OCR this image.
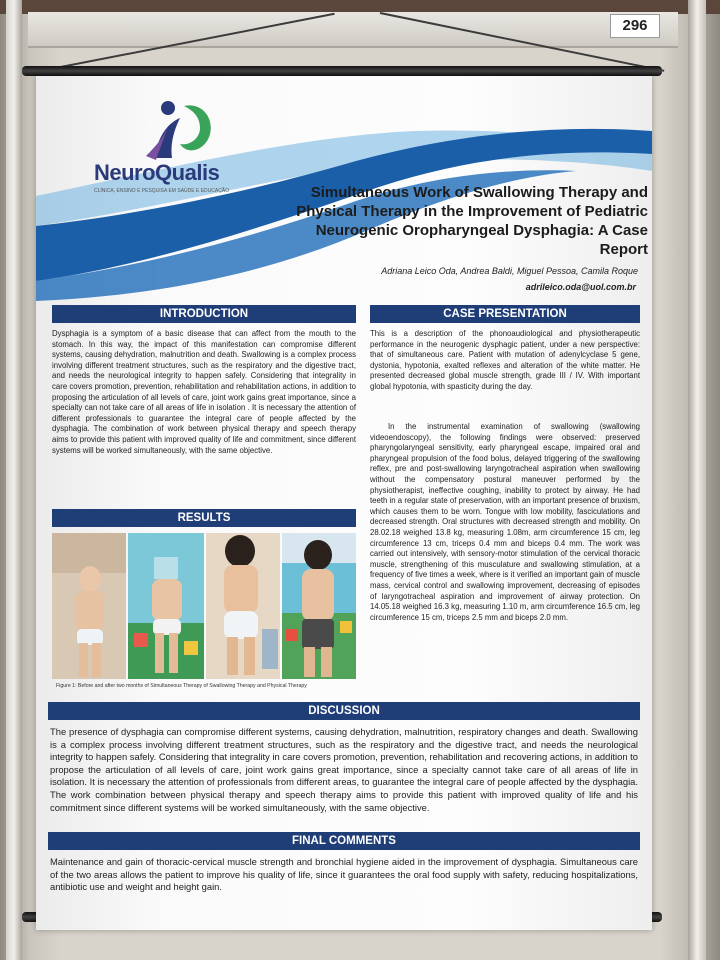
296
NeuroQualis
CLÍNICA, ENSINO E PESQUISA EM SAÚDE E EDUCAÇÃO	Simultaneous Work of Swallowing Therapy and Physical Therapy in the Improvement of Pediatric Neurogenic Oropharyngeal Dysphagia: A Case Report
Adriana Leico Oda, Andrea Baldi, Miguel Pessoa, Camila Roque
adrileico.oda@uol.com.br
INTRODUCTION
Dysphagia is a symptom of a basic disease that can affect from the mouth to the stomach. In this way, the impact of this manifestation can compromise different systems, causing dehydration, malnutrition and death. Swallowing is a complex process involving different treatment structures, such as the respiratory and the digestive tract, and needs the neurological integrity to happen safely. Considering that integrality in care covers promotion, prevention, rehabilitation and rehabilitation actions, in addition to proposing the articulation of all levels of care, joint work gains great importance, since a specialty can not take care of all areas of life in isolation . It is necessary the attention of different professionals to guarantee the integral care of people affected by the dysphagia. The combination of work between physical therapy and speech therapy aims to provide this patient with improved quality of life and commitment, since different systems will be worked simultaneously, with the same objective.
RESULTS
Figure 1: Before and after two months of Simultaneous Therapy of Swallowing Therapy and Physical Therapy
CASE PRESENTATION
This is a description of the phonoaudiological and physiotherapeutic performance in the neurogenic dysphagic patient, under a new perspective: that of simultaneous care. Patient with mutation of adenylcyclase 5 gene, dystonia, hypotonia, exalted reflexes and alteration of the white matter. He presented decreased global muscle strength, grade III / IV. With important global hypotonia, with spasticity during the day.
In the instrumental examination of swallowing (swallowing videoendoscopy), the following findings were observed: preserved pharyngolaryngeal sensitivity, early pharyngeal escape, impaired oral and pharyngeal propulsion of the food bolus, delayed triggering of the swallowing reflex, pre and post-swallowing laryngotracheal aspiration when swallowing without the compensatory postural maneuver performed by the physiotherapist, ineffective coughing, inability to protect by airway. He had teeth in a regular state of preservation, with an important presence of bruxism, which causes them to be worn. Tongue with low mobility, fasciculations and decreased strength. Oral structures with decreased strength and mobility. On 28.02.18 weighed 13.8 kg, measuring 1.08m, arm circumference 15 cm, leg circumference 13 cm, triceps 0.4 mm and biceps 0.4 mm. The work was carried out intensively, with sensory-motor stimulation of the cervical thoracic muscle, strengthening of this musculature and swallowing stimulation, at a frequency of five times a week, where is it verified an important gain of muscle mass, cervical control and swallowing improvement, decreasing of episodes of laryngotracheal aspiration and improvement of airway protection. On 14.05.18 weighed 16.3 kg, measuring 1.10 m, arm circumference 16.5 cm, leg circumference 15 cm, triceps 2.5 mm and biceps 2.0 mm.
DISCUSSION
The presence of dysphagia can compromise different systems, causing dehydration, malnutrition, respiratory changes and death. Swallowing is a complex process involving different treatment structures, such as the respiratory and the digestive tract, and needs the neurological integrity to happen safely. Considering that integrality in care covers promotion, prevention, rehabilitation and recovering actions, in addition to propose the articulation of all levels of care, joint work gains great importance, since a specialty cannot take care of all areas of life in isolation. It is necessary the attention of professionals from different areas, to guarantee the integral care of people affected by the dysphagia. The work combination between physical therapy and speech therapy aims to provide this patient with improved quality of life and his commitment since different systems will be worked simultaneously, with the same objective.
FINAL COMMENTS
Maintenance and gain of thoracic-cervical muscle strength and bronchial hygiene aided in the improvement of dysphagia. Simultaneous care of the two areas allows the patient to improve his quality of life, since it guarantees the oral food supply with safety, reducing hospitalizations, antibiotic use and weight and height gain.
